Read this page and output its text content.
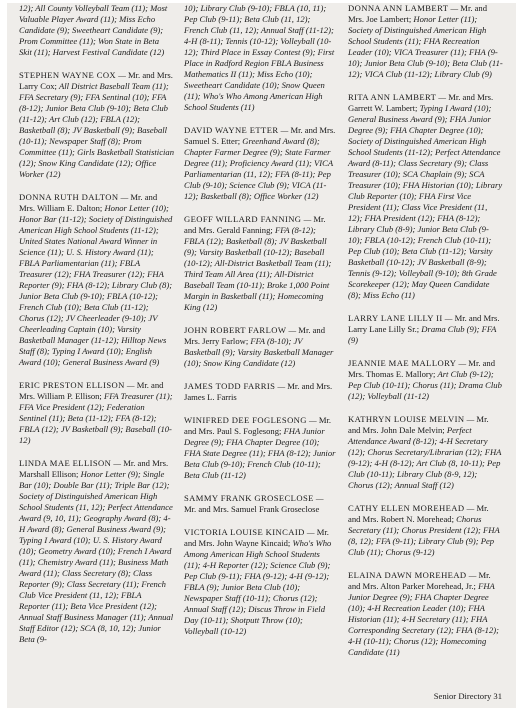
12); All County Volleyball Team (11); Most Valuable Player Award (11); Miss Echo Candidate (9); Sweetheart Candidate (9); Prom Committee (11); Won State in Beta Skit (11); Harvest Festival Candidate (12)
STEPHEN WAYNE COX — Mr. and Mrs. Larry Cox; All District Baseball Team (11); FFA Secretary (9); FFA Sentinal (10); FFA (8-12); Junior Beta Club (9-10); Beta Club (11-12); Art Club (12); FBLA (12); Basketball (8); JV Basketball (9); Baseball (10-11); Newspaper Staff (8); Prom Committee (11); Girls Basketball Statistician (12); Snow King Candidate (12); Office Worker (12)
DONNA RUTH DALTON — Mr. and Mrs. William E. Dalton; Honor Letter (10); Honor Bar (11-12); Society of Distinguished American High School Students (11-12); United States National Award Winner in Science (11); U. S. History Award (11); FBLA Parliamentarian (11); FBLA Treasurer (12); FHA Treasurer (12); FHA Reporter (9); FHA (8-12); Library Club (8); Junior Beta Club (9-10); FBLA (10-12); French Club (10); Beta Club (11-12); Chorus (12); JV Cheerleader (9-10); JV Cheerleading Captain (10); Varsity Basketball Manager (11-12); Hilltop News Staff (8); Typing I Award (10); English Award (10); General Business Award (9)
ERIC PRESTON ELLISON — Mr. and Mrs. William P. Ellison; FFA Treasurer (11); FFA Vice President (12); Federation Sentinel (11); Beta (11-12); FFA (8-12); FBLA (12); JV Basketball (9); Baseball (10-12)
LINDA MAE ELLISON — Mr. and Mrs. Marshall Ellison; Honor Letter (9); Single Bar (10); Double Bar (11); Triple Bar (12); Society of Distinguished American High School Students (11, 12); Perfect Attendance Award (9, 10, 11); Geography Award (8); 4-H Award (8); General Business Award (9); Typing I Award (10); U. S. History Award (10); Geometry Award (10); French I Award (11); Chemistry Award (11); Business Math Award (11); Class Secretary (8); Class Reporter (9); Class Secretary (11); French Club Vice President (11, 12); FBLA Reporter (11); Beta Vice President (12); Annual Staff Business Manager (11); Annual Staff Editor (12); SCA (8, 10, 12); Junior Beta (9-
10); Library Club (9-10); FBLA (10, 11); Pep Club (9-11); Beta Club (11, 12); French Club (11, 12); Annual Staff (11-12); 4-H (8-11); Tennis (10-12); Volleyball (10-12); Third Place in Essay Contest (9); First Place in Radford Region FBLA Business Mathematics II (11); Miss Echo (10); Sweetheart Candidate (10); Snow Queen (11); Who's Who Among American High School Students (11)
DAVID WAYNE ETTER — Mr. and Mrs. Samuel S. Etter; Greenhand Award (8); Chapter Farmer Degree (9); State Farmer Degree (11); Proficiency Award (11); VICA Parliamentarian (11, 12); FFA (8-11); Pep Club (9-10); Science Club (9); VICA (11-12); Basketball (8); Office Worker (12)
GEOFF WILLARD FANNING — Mr. and Mrs. Gerald Fanning; FFA (8-12); FBLA (12); Basketball (8); JV Basketball (9); Varsity Basketball (10-12); Baseball (10-12); All-District Basketball Team (11); Third Team All Area (11); All-District Baseball Team (10-11); Broke 1,000 Point Margin in Basketball (11); Homecoming King (12)
JOHN ROBERT FARLOW — Mr. and Mrs. Jerry Farlow; FFA (8-10); JV Basketball (9); Varsity Basketball Manager (10); Snow King Candidate (12)
JAMES TODD FARRIS — Mr. and Mrs. James L. Farris
WINIFRED DEE FOGLESONG — Mr. and Mrs. Paul S. Foglesong; FHA Junior Degree (9); FHA Chapter Degree (10); FHA State Degree (11); FHA (8-12); Junior Beta Club (9-10); French Club (10-11); Beta Club (11-12)
SAMMY FRANK GROSECLOSE — Mr. and Mrs. Samuel Frank Groseclose
VICTORIA LOUISE KINCAID — Mr. and Mrs. John Wayne Kincaid; Who's Who Among American High School Students (11); 4-H Reporter (12); Science Club (9); Pep Club (9-11); FHA (9-12); 4-H (9-12); FBLA (9); Junior Beta Club (10); Newspaper Staff (10-11); Chorus (12); Annual Staff (12); Discus Throw in Field Day (10-11); Shotputt Throw (10); Volleyball (10-12)
DONNA ANN LAMBERT — Mr. and Mrs. Joe Lambert; Honor Letter (11); Society of Distinguished American High School Students (11); FHA Recreation Leader (10); VICA Treasurer (11); FHA (9-10); Junior Beta Club (9-10); Beta Club (11-12); VICA Club (11-12); Library Club (9)
RITA ANN LAMBERT — Mr. and Mrs. Garrett W. Lambert; Typing I Award (10); General Business Award (9); FHA Junior Degree (9); FHA Chapter Degree (10); Society of Distinguished American High School Students (11-12); Perfect Attendance Award (8-11); Class Secretary (9); Class Treasurer (10); SCA Chaplain (9); SCA Treasurer (10); FHA Historian (10); Library Club Reporter (10); FHA First Vice President (11); Class Vice President (11, 12); FHA President (12); FHA (8-12); Library Club (8-9); Junior Beta Club (9-10); FBLA (10-12); French Club (10-11); Pep Club (10); Beta Club (11-12); Varsity Basketball (10-12); JV Basketball (8-9); Tennis (9-12); Volleyball (9-10); 8th Grade Scorekeeper (12); May Queen Candidate (8); Miss Echo (11)
LARRY LANE LILLY II — Mr. and Mrs. Larry Lane Lilly Sr.; Drama Club (9); FFA (9)
JEANNIE MAE MALLORY — Mr. and Mrs. Thomas E. Mallory; Art Club (9-12); Pep Club (10-11); Chorus (11); Drama Club (12); Volleyball (11-12)
KATHRYN LOUISE MELVIN — Mr. and Mrs. John Dale Melvin; Perfect Attendance Award (8-12); 4-H Secretary (12); Chorus Secretary/Librarian (12); FHA (9-12); 4-H (8-12); Art Club (8, 10-11); Pep Club (10-11); Library Club (8-9, 12); Chorus (12); Annual Staff (12)
CATHY ELLEN MOREHEAD — Mr. and Mrs. Robert N. Morehead; Chorus Secretary (11); Chorus President (12); FHA (8, 12); FFA (9-11); Library Club (9); Pep Club (11); Chorus (9-12)
ELAINA DAWN MOREHEAD — Mr. and Mrs. Alton Parker Morehead, Jr.; FHA Junior Degree (9); FHA Chapter Degree (10); 4-H Recreation Leader (10); FHA Historian (11); 4-H Secretary (11); FHA Corresponding Secretary (12); FHA (8-12); 4-H (10-11); Chorus (12); Homecoming Candidate (11)
Senior Directory 31
